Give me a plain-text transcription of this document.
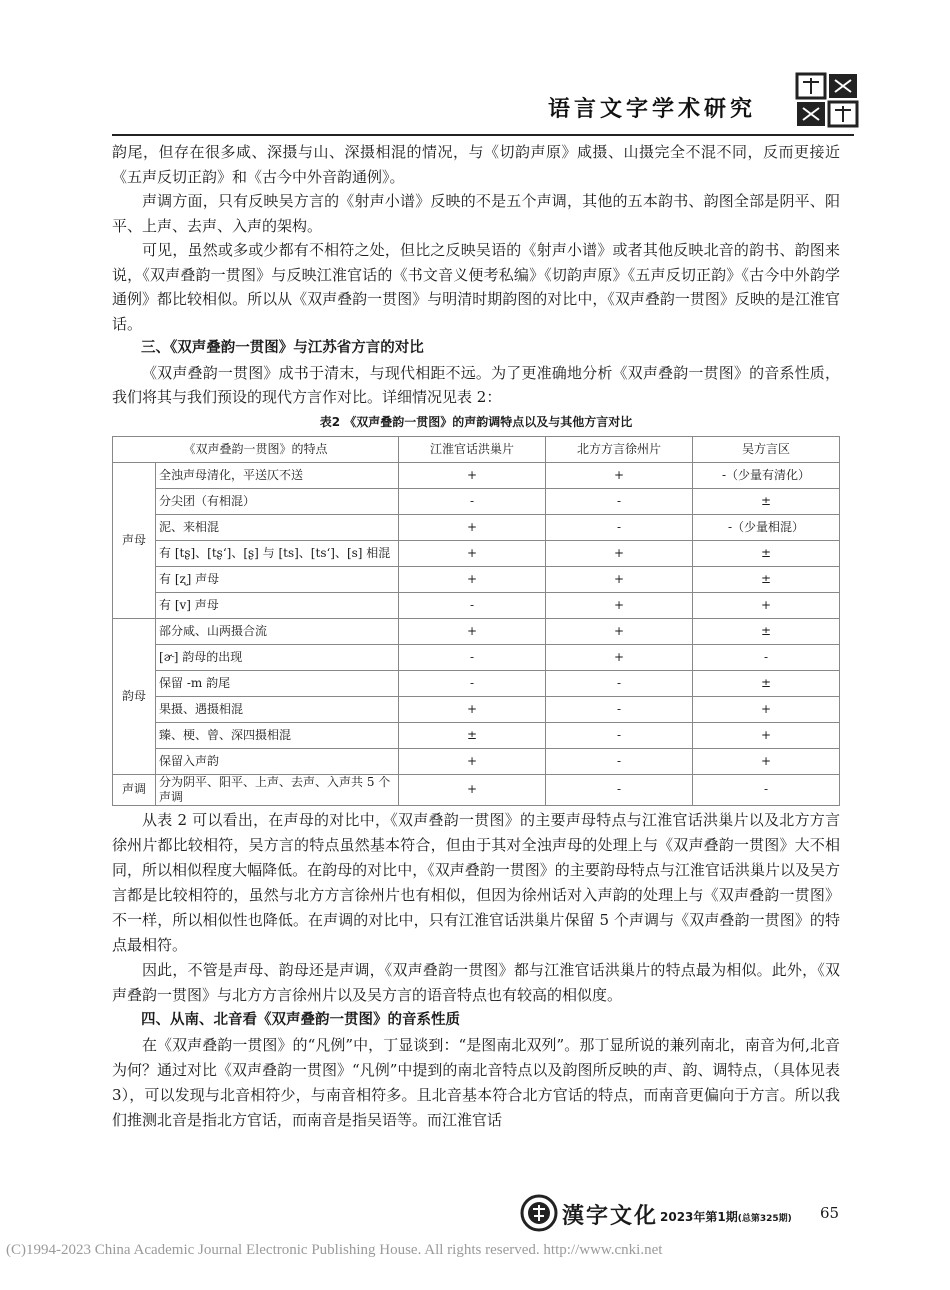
语言文字学术研究

韵尾，但存在很多咸、深摄与山、深摄相混的情况，与《切韵声原》咸摄、山摄完全不混不同，反而更接近《五声反切正韵》和《古今中外音韵通例》。

声调方面，只有反映吴方言的《射声小谱》反映的不是五个声调，其他的五本韵书、韵图全部是阴平、阳平、上声、去声、入声的架构。

可见，虽然或多或少都有不相符之处，但比之反映吴语的《射声小谱》或者其他反映北音的韵书、韵图来说，《双声叠韵一贯图》与反映江淮官话的《书文音义便考私编》《切韵声原》《五声反切正韵》《古今中外韵学通例》都比较相似。所以从《双声叠韵一贯图》与明清时期韵图的对比中，《双声叠韵一贯图》反映的是江淮官话。

三、《双声叠韵一贯图》与江苏省方言的对比

《双声叠韵一贯图》成书于清末，与现代相距不远。为了更准确地分析《双声叠韵一贯图》的音系性质，我们将其与我们预设的现代方言作对比。详细情况见表 2：

表2 《双声叠韵一贯图》的声韵调特点以及与其他方言对比
《双声叠韵一贯图》的特点		江淮官话洪巢片	北方方言徐州片	吴方言区
声母	全浊声母清化，平送仄不送	+	+	-（少量有清化）
	分尖团（有相混）	-	-	±
	泥、来相混	+	-	-（少量相混）
	有 [tʂ]、[tʂ‘]、[ʂ] 与 [ts]、[ts‘]、[s] 相混	+	+	±
	有 [ʐ] 声母	+	+	±
	有 [v] 声母	-	+	+
韵母	部分咸、山两摄合流	+	+	±
	[ɚ] 韵母的出现	-	+	-
	保留 -m 韵尾	-	-	±
	果摄、遇摄相混	+	-	+
	臻、梗、曾、深四摄相混	±	-	+
	保留入声韵	+	-	+
声调	分为阴平、阳平、上声、去声、入声共 5 个声调	+	-	-

从表 2 可以看出，在声母的对比中，《双声叠韵一贯图》的主要声母特点与江淮官话洪巢片以及北方方言徐州片都比较相符，吴方言的特点虽然基本符合，但由于其对全浊声母的处理上与《双声叠韵一贯图》大不相同，所以相似程度大幅降低。在韵母的对比中，《双声叠韵一贯图》的主要韵母特点与江淮官话洪巢片以及吴方言都是比较相符的，虽然与北方方言徐州片也有相似，但因为徐州话对入声韵的处理上与《双声叠韵一贯图》不一样，所以相似性也降低。在声调的对比中，只有江淮官话洪巢片保留 5 个声调与《双声叠韵一贯图》的特点最相符。

因此，不管是声母、韵母还是声调，《双声叠韵一贯图》都与江淮官话洪巢片的特点最为相似。此外，《双声叠韵一贯图》与北方方言徐州片以及吴方言的语音特点也有较高的相似度。

四、从南、北音看《双声叠韵一贯图》的音系性质

在《双声叠韵一贯图》的“凡例”中，丁显谈到：“是图南北双列”。那丁显所说的兼列南北，南音为何,北音为何？通过对比《双声叠韵一贯图》“凡例”中提到的南北音特点以及韵图所反映的声、韵、调特点，（具体见表 3），可以发现与北音相符少，与南音相符多。且北音基本符合北方官话的特点，而南音更偏向于方言。所以我们推测北音是指北方官话，而南音是指吴语等。而江淮官话

漢字文化 2023年第1期(总第325期) 65
(C)1994-2023 China Academic Journal Electronic Publishing House. All rights reserved. http://www.cnki.net
